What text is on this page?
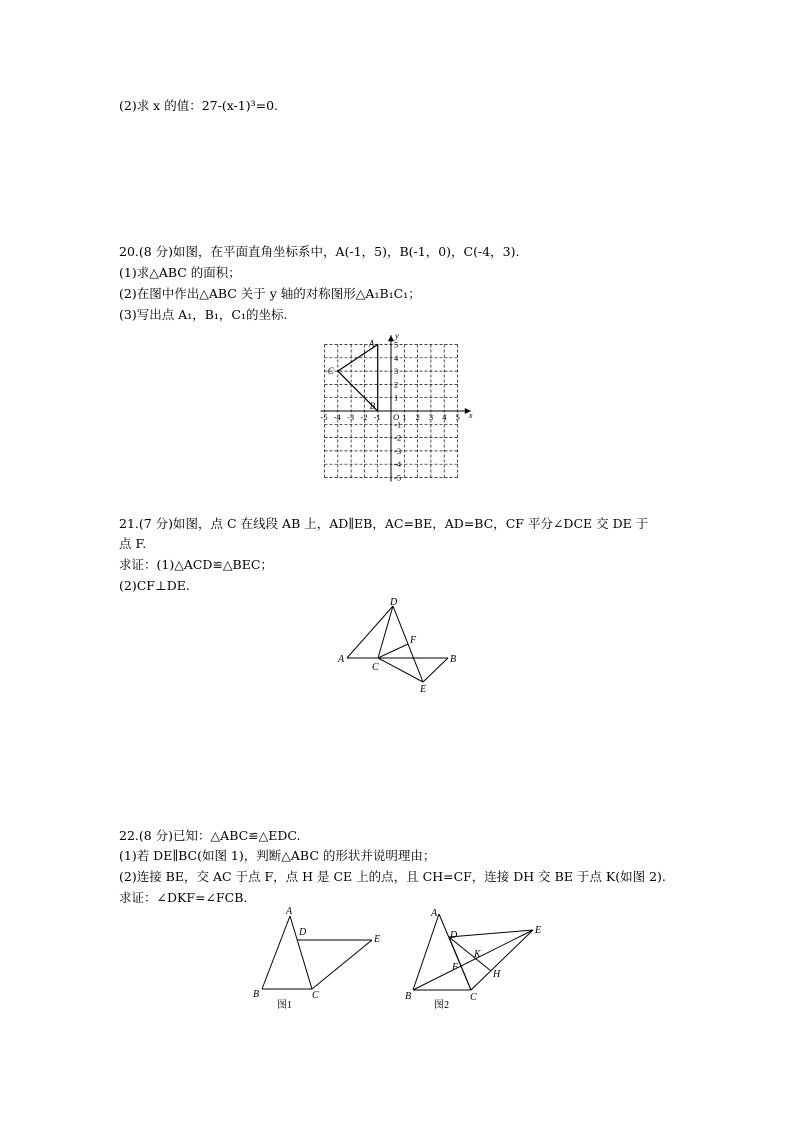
(2)求 x 的值：27-(x-1)³=0.
20.(8 分)如图，在平面直角坐标系中，A(-1，5)，B(-1，0)，C(-4，3).
(1)求△ABC 的面积；
(2)在图中作出△ABC 关于 y 轴的对称图形△A₁B₁C₁；
(3)写出点 A₁，B₁，C₁的坐标.
-5 -4 -3 -2 -1	1 2 3 4 5
5
4
3
2
1
-1
-2
-3
-4
-5
x
y
O
A
B
C
21.(7 分)如图，点 C 在线段 AB 上，AD∥EB，AC=BE，AD=BC，CF 平分∠DCE 交 DE 于
点 F.
求证：(1)△ACD≌△BEC；
(2)CF⊥DE.
A	B
C
D
E
F
22.(8 分)已知：△ABC≌△EDC.
(1)若 DE∥BC(如图 1)，判断△ABC 的形状并说明理由；
(2)连接 BE，交 AC 于点 F，点 H 是 CE 上的点，且 CH=CF，连接 DH 交 BE 于点 K(如图 2).
求证：∠DKF=∠FCB.
A
B	C
D
E
图1
A
B	C
D	E
F
H
K
图2
